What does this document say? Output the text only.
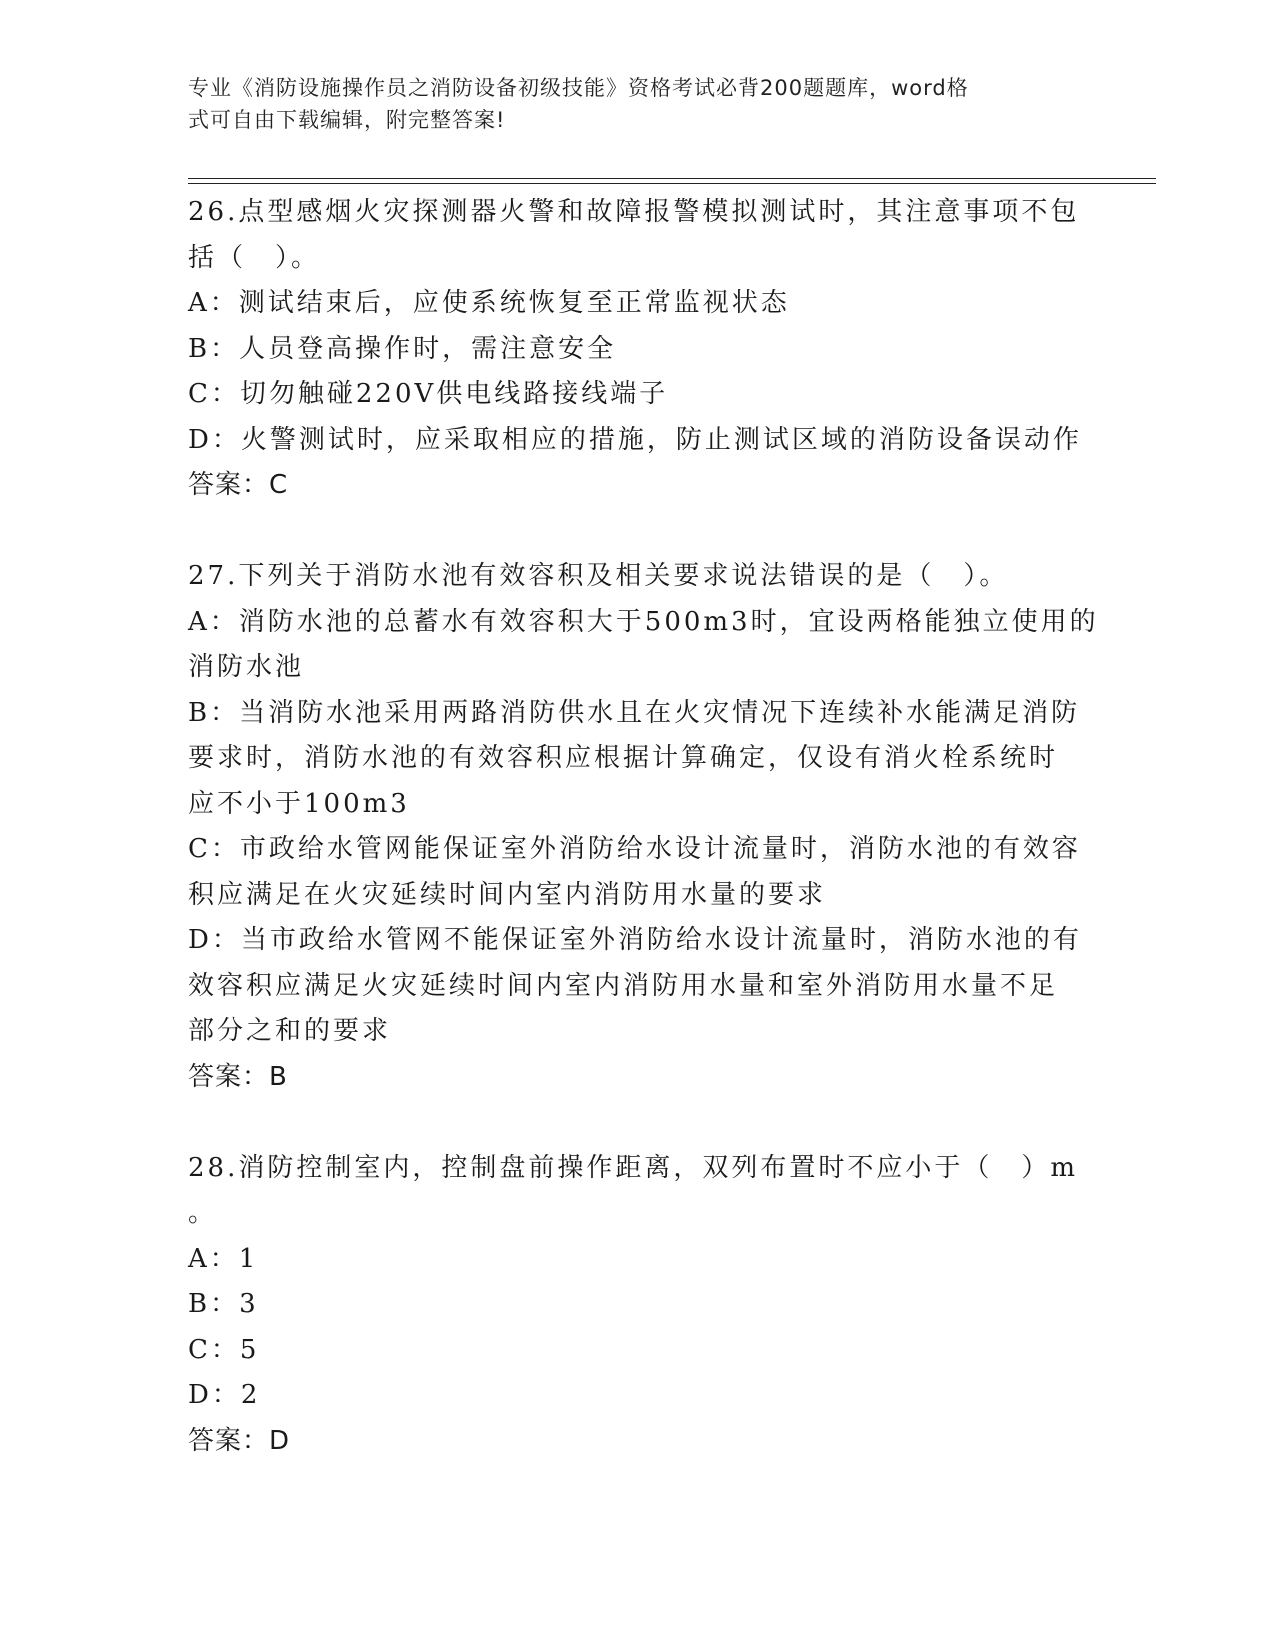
专业《消防设施操作员之消防设备初级技能》资格考试必背200题题库，word格
式可自由下载编辑，附完整答案!
26.点型感烟火灾探测器火警和故障报警模拟测试时，其注意事项不包
括（　）。
A：测试结束后，应使系统恢复至正常监视状态
B：人员登高操作时，需注意安全
C：切勿触碰220V供电线路接线端子
D：火警测试时，应采取相应的措施，防止测试区域的消防设备误动作
答案：C
27.下列关于消防水池有效容积及相关要求说法错误的是（　）。
A：消防水池的总蓄水有效容积大于500m3时，宜设两格能独立使用的
消防水池
B：当消防水池采用两路消防供水且在火灾情况下连续补水能满足消防
要求时，消防水池的有效容积应根据计算确定，仅设有消火栓系统时
应不小于100m3
C：市政给水管网能保证室外消防给水设计流量时，消防水池的有效容
积应满足在火灾延续时间内室内消防用水量的要求
D：当市政给水管网不能保证室外消防给水设计流量时，消防水池的有
效容积应满足火灾延续时间内室内消防用水量和室外消防用水量不足
部分之和的要求
答案：B
28.消防控制室内，控制盘前操作距离，双列布置时不应小于（　）m
。
A：1
B：3
C：5
D：2
答案：D
